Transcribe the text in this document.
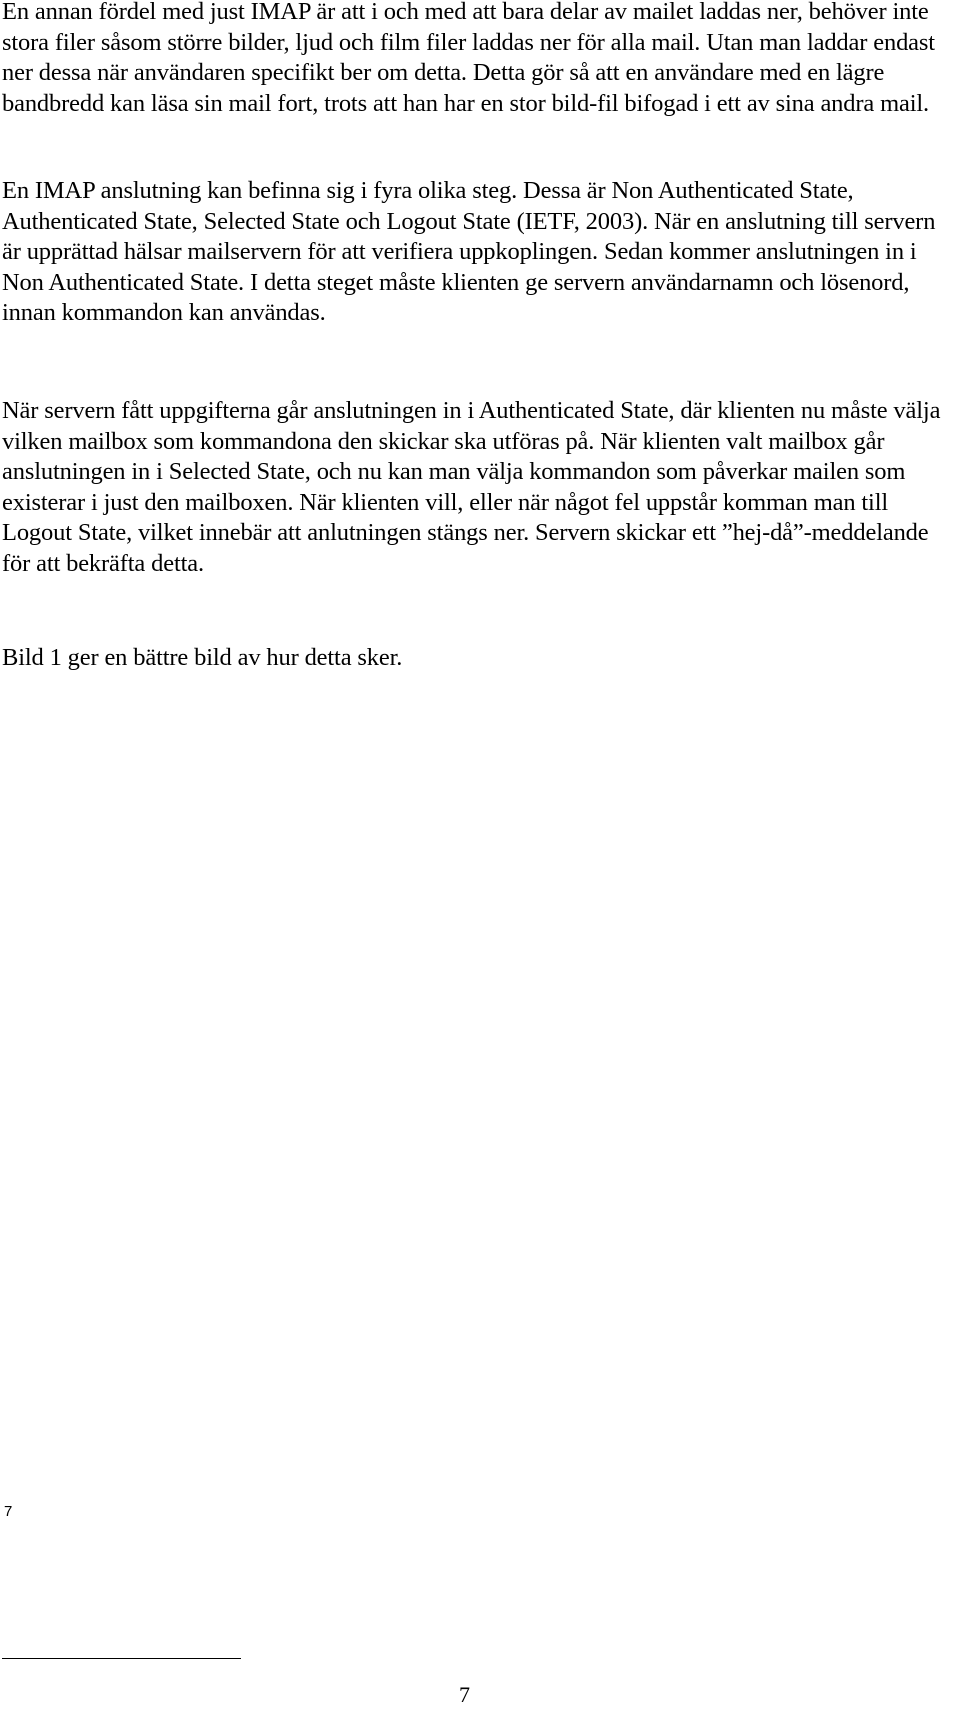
En annan fördel med just IMAP är att i och med att bara delar av mailet laddas ner, behöver inte stora filer såsom större bilder, ljud och film filer laddas ner för alla mail. Utan man laddar endast ner dessa när användaren specifikt ber om detta. Detta gör så att en användare med en lägre bandbredd kan läsa sin mail fort, trots att han har en stor bild-fil bifogad i ett av sina andra mail.

En IMAP anslutning kan befinna sig i fyra olika steg. Dessa är Non Authenticated State, Authenticated State, Selected State och Logout State (IETF, 2003). När en anslutning till servern är upprättad hälsar mailservern för att verifiera uppkoplingen. Sedan kommer anslutningen in i Non Authenticated State. I detta steget måste klienten ge servern användarnamn och lösenord, innan kommandon kan användas.

När servern fått uppgifterna går anslutningen in i Authenticated State, där klienten nu måste välja vilken mailbox som kommandona den skickar ska utföras på. När klienten valt mailbox går anslutningen in i Selected State, och nu kan man välja kommandon som påverkar mailen som existerar i just den mailboxen. När klienten vill, eller när något fel uppstår komman man till Logout State, vilket innebär att anlutningen stängs ner. Servern skickar ett ”hej-då”-meddelande för att bekräfta detta.

Bild 1 ger en bättre bild av hur detta sker.

7
7
